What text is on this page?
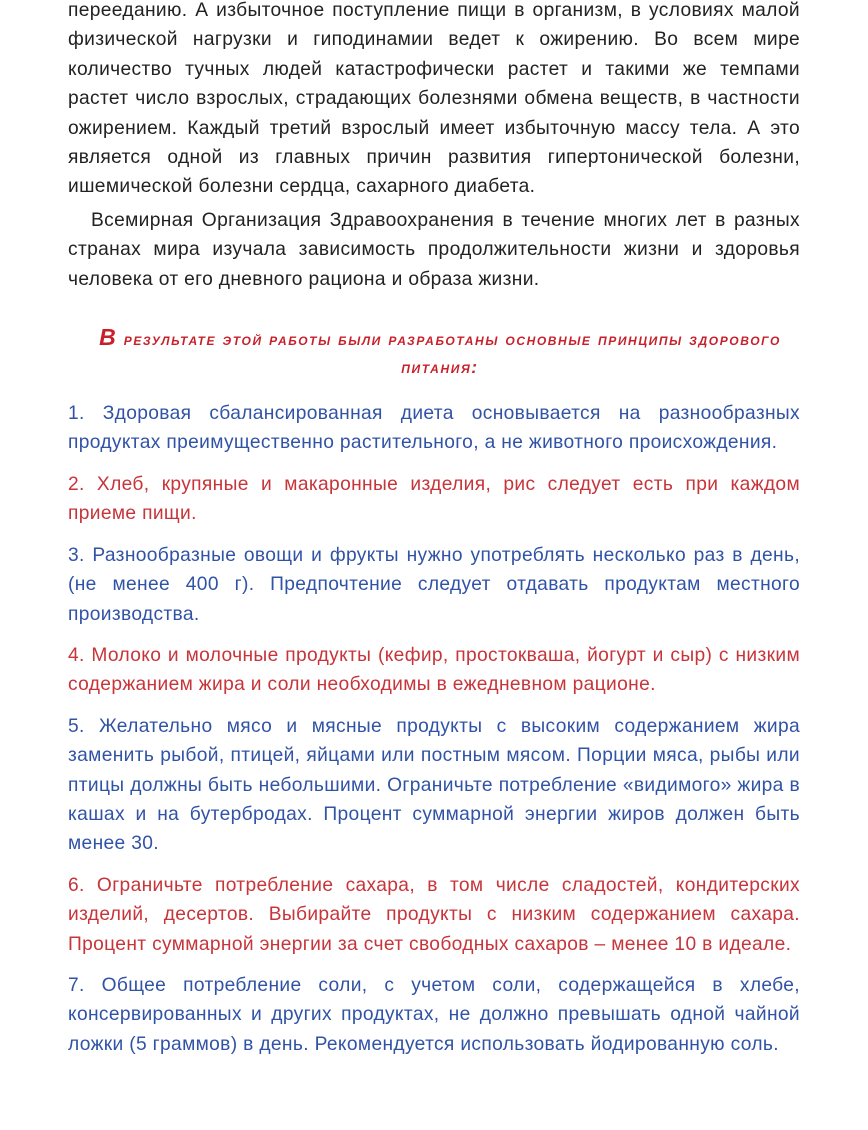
перееданию. А избыточное поступление пищи в организм, в условиях малой физической нагрузки и гиподинамии ведет к ожирению. Во всем мире количество тучных людей катастрофически растет и такими же темпами растет число взрослых, страдающих болезнями обмена веществ, в частности ожирением. Каждый третий взрослый имеет избыточную массу тела. А это является одной из главных причин развития гипертонической болезни, ишемической болезни сердца, сахарного диабета.

Всемирная Организация Здравоохранения в течение многих лет в разных странах мира изучала зависимость продолжительности жизни и здоровья человека от его дневного рациона и образа жизни.

В результате этой работы были разработаны основные принципы здорового питания:

1. Здоровая сбалансированная диета основывается на разнообразных продуктах преимущественно растительного, а не животного происхождения.

2. Хлеб, крупяные и макаронные изделия, рис следует есть при каждом приеме пищи.

3. Разнообразные овощи и фрукты нужно употреблять несколько раз в день, (не менее 400 г). Предпочтение следует отдавать продуктам местного производства.

4. Молоко и молочные продукты (кефир, простокваша, йогурт и сыр) с низким содержанием жира и соли необходимы в ежедневном рационе.

5. Желательно мясо и мясные продукты с высоким содержанием жира заменить рыбой, птицей, яйцами или постным мясом. Порции мяса, рыбы или птицы должны быть небольшими. Ограничьте потребление «видимого» жира в кашах и на бутербродах. Процент суммарной энергии жиров должен быть менее 30.

6. Ограничьте потребление сахара, в том числе сладостей, кондитерских изделий, десертов. Выбирайте продукты с низким содержанием сахара. Процент суммарной энергии за счет свободных сахаров – менее 10 в идеале.

7. Общее потребление соли, с учетом соли, содержащейся в хлебе, консервированных и других продуктах, не должно превышать одной чайной ложки (5 граммов) в день. Рекомендуется использовать йодированную соль.
